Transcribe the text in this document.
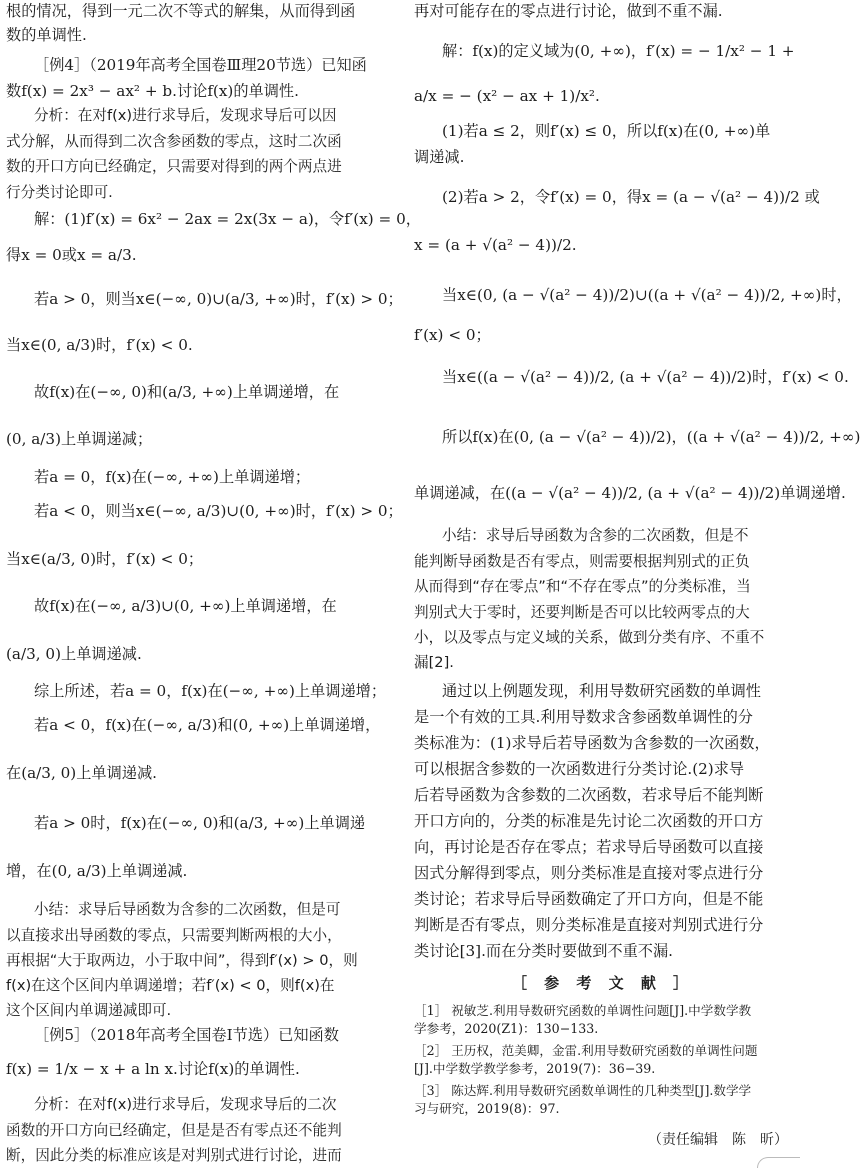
根的情况，得到一元二次不等式的解集，从而得到函
数的单调性.
［例4］（2019年高考全国卷Ⅲ理20节选）已知函
数f(x) = 2x³ − ax² + b.讨论f(x)的单调性.
分析：在对f(x)进行求导后，发现求导后可以因
式分解，从而得到二次含参函数的零点，这时二次函
数的开口方向已经确定，只需要对得到的两个两点进
行分类讨论即可.
解：(1)f′(x) = 6x² − 2ax = 2x(3x − a)，令f′(x) = 0，
得x = 0或x = a/3.
若a > 0，则当x∈(−∞, 0)∪(a/3, +∞)时，f′(x) > 0；
当x∈(0, a/3)时，f′(x) < 0.
故f(x)在(−∞, 0)和(a/3, +∞)上单调递增，在
(0, a/3)上单调递减；
若a = 0，f(x)在(−∞, +∞)上单调递增；
若a < 0，则当x∈(−∞, a/3)∪(0, +∞)时，f′(x) > 0；
当x∈(a/3, 0)时，f′(x) < 0；
故f(x)在(−∞, a/3)∪(0, +∞)上单调递增，在
(a/3, 0)上单调递减.
综上所述，若a = 0，f(x)在(−∞, +∞)上单调递增；
若a < 0，f(x)在(−∞, a/3)和(0, +∞)上单调递增，
在(a/3, 0)上单调递减.
若a > 0时，f(x)在(−∞, 0)和(a/3, +∞)上单调递
增，在(0, a/3)上单调递减.
小结：求导后导函数为含参的二次函数，但是可
以直接求出导函数的零点，只需要判断两根的大小，
再根据“大于取两边，小于取中间”，得到f′(x) > 0，则
f(x)在这个区间内单调递增；若f′(x) < 0，则f(x)在
这个区间内单调递减即可.
［例5］（2018年高考全国卷Ⅰ节选）已知函数
f(x) = 1/x − x + a ln x.讨论f(x)的单调性.
分析：在对f(x)进行求导后，发现求导后的二次
函数的开口方向已经确定，但是是否有零点还不能判
断，因此分类的标准应该是对判别式进行讨论，进而
再对可能存在的零点进行讨论，做到不重不漏.
解：f(x)的定义域为(0, +∞)，f′(x) = − 1/x² − 1 +
a/x = − (x² − ax + 1)/x².
(1)若a ≤ 2，则f′(x) ≤ 0，所以f(x)在(0, +∞)单
调递减.
(2)若a > 2，令f′(x) = 0，得x = (a − √(a² − 4))/2 或
x = (a + √(a² − 4))/2.
当x∈(0, (a − √(a² − 4))/2)∪((a + √(a² − 4))/2, +∞)时，
f′(x) < 0；
当x∈((a − √(a² − 4))/2, (a + √(a² − 4))/2)时，f′(x) < 0.
所以f(x)在(0, (a − √(a² − 4))/2)，((a + √(a² − 4))/2, +∞)
单调递减，在((a − √(a² − 4))/2, (a + √(a² − 4))/2)单调递增.
小结：求导后导函数为含参的二次函数，但是不
能判断导函数是否有零点，则需要根据判别式的正负
从而得到“存在零点”和“不存在零点”的分类标准，当
判别式大于零时，还要判断是否可以比较两零点的大
小，以及零点与定义域的关系，做到分类有序、不重不
漏[2].
通过以上例题发现，利用导数研究函数的单调性
是一个有效的工具.利用导数求含参函数单调性的分
类标准为：(1)求导后若导函数为含参数的一次函数，
可以根据含参数的一次函数进行分类讨论.(2)求导
后若导函数为含参数的二次函数，若求导后不能判断
开口方向的，分类的标准是先讨论二次函数的开口方
向，再讨论是否存在零点；若求导后导函数可以直接
因式分解得到零点，则分类标准是直接对零点进行分
类讨论；若求导后导函数确定了开口方向，但是不能
判断是否有零点，则分类标准是直接对判别式进行分
类讨论[3].而在分类时要做到不重不漏.
［ 参 考 文 献 ］
［1］ 祝敏芝.利用导数研究函数的单调性问题[J].中学数学教
学参考，2020(Z1)：130−133.
［2］ 王历权，范美卿，金雷.利用导数研究函数的单调性问题
[J].中学数学教学参考，2019(7)：36−39.
［3］ 陈达辉.利用导数研究函数单调性的几种类型[J].数学学
习与研究，2019(8)：97.
（责任编辑　陈　昕）
